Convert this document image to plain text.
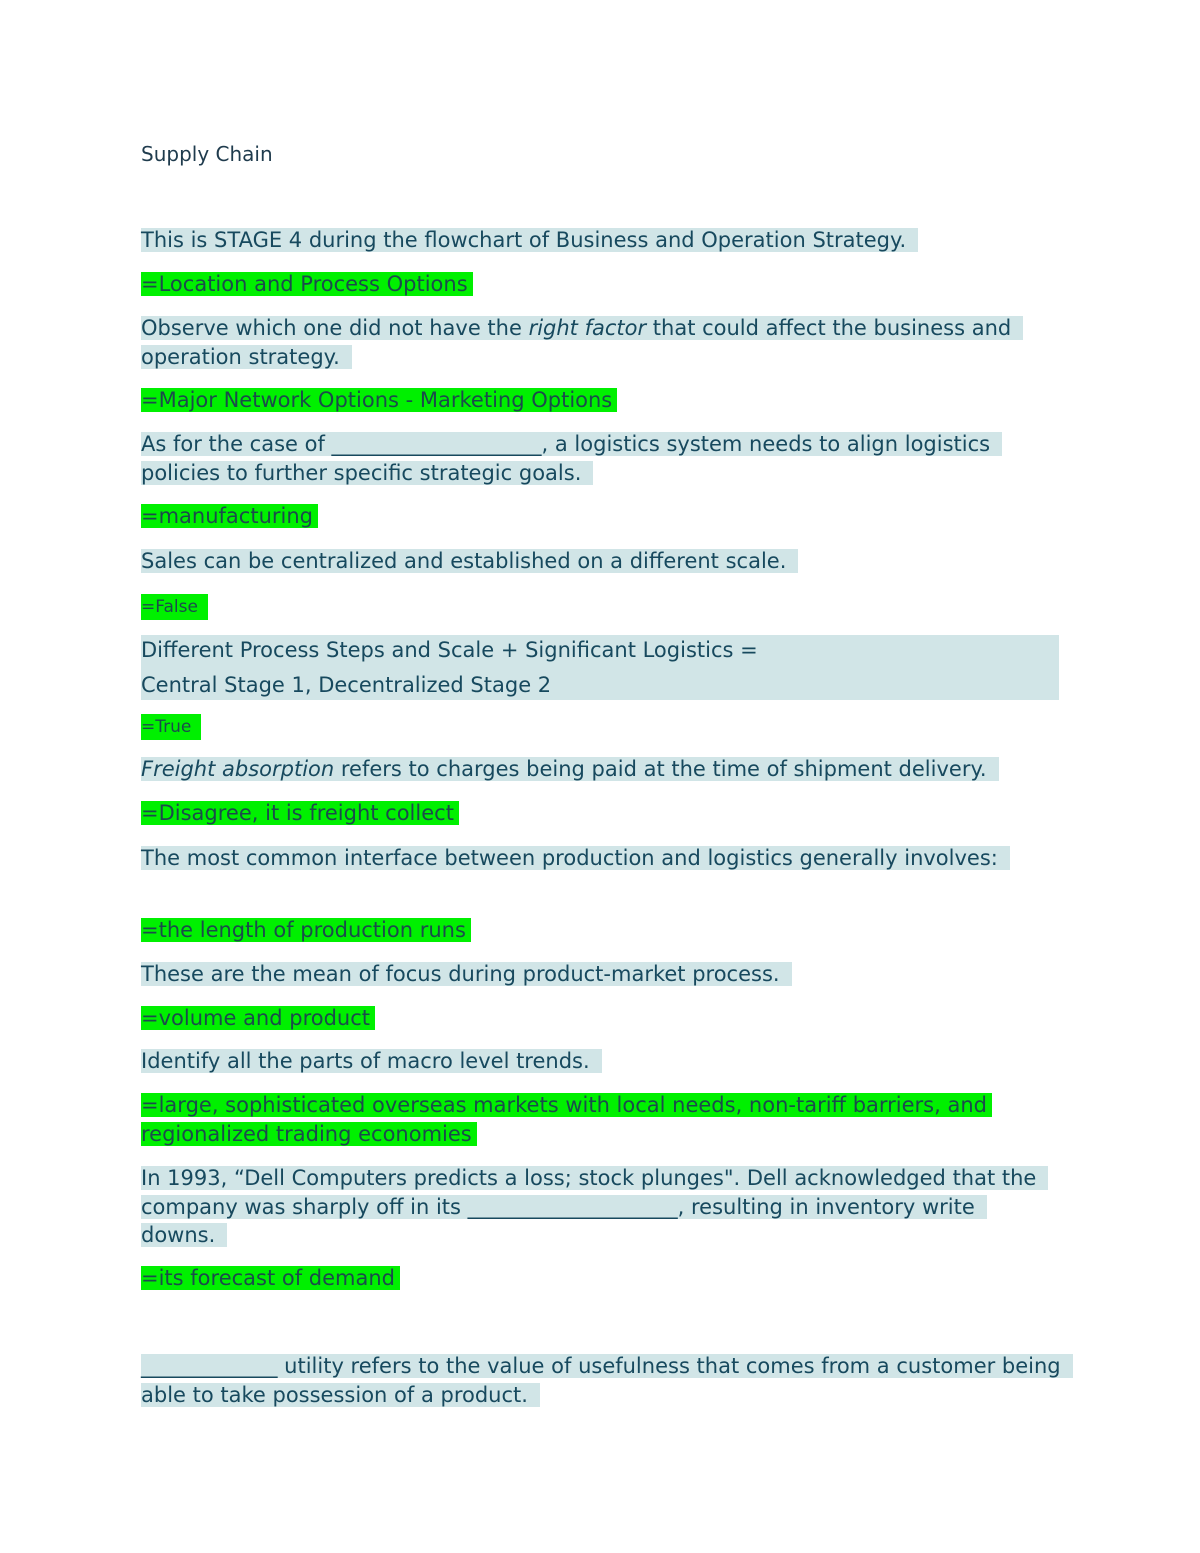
Supply Chain
This is STAGE 4 during the flowchart of Business and Operation Strategy.
=Location and Process Options
Observe which one did not have the right factor that could affect the business and operation strategy.
=Major Network Options - Marketing Options
As for the case of ____________________, a logistics system needs to align logistics policies to further specific strategic goals.
=manufacturing
Sales can be centralized and established on a different scale.
=False
Different Process Steps and Scale + Significant Logistics =
Central Stage 1, Decentralized Stage 2
=True
Freight absorption refers to charges being paid at the time of shipment delivery.
=Disagree, it is freight collect
The most common interface between production and logistics generally involves:
=the length of production runs
These are the mean of focus during product-market process.
=volume and product
Identify all the parts of macro level trends.
=large, sophisticated overseas markets with local needs, non-tariff barriers, and regionalized trading economies
In 1993, “Dell Computers predicts a loss; stock plunges". Dell acknowledged that the company was sharply off in its ____________________, resulting in inventory write downs.
=its forecast of demand
_____________ utility refers to the value of usefulness that comes from a customer being able to take possession of a product.
